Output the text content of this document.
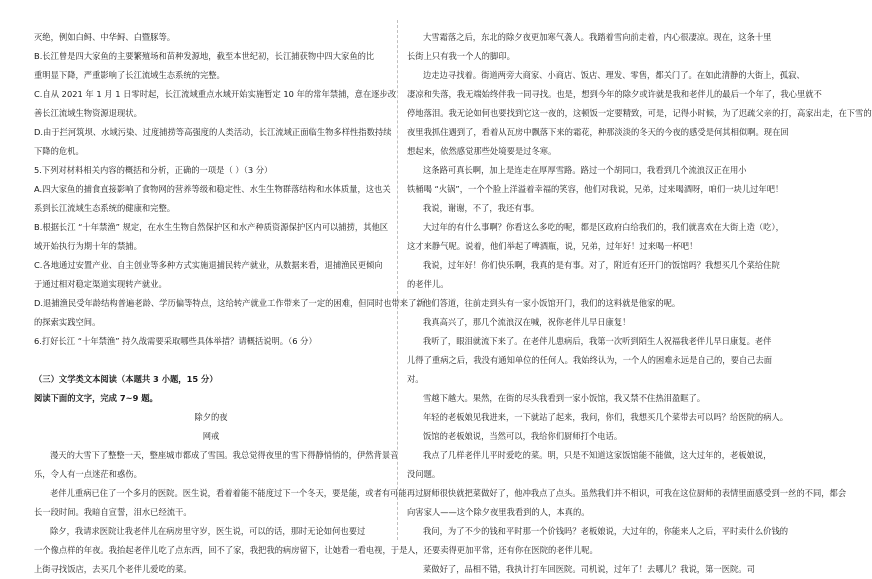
灭绝，例如白鲟、中华鲟、白暨豚等。
B.长江曾是四大家鱼的主要繁殖场和苗种发源地，截至本世纪初，长江捕获物中四大家鱼的比
重明显下降，严重影响了长江流域生态系统的完整。
C.自从 2021 年 1 月 1 日零时起，长江流域重点水域开始实施暂定 10 年的常年禁捕，意在逐步改
善长江流域生物资源退现状。
D.由于拦河筑坝、水域污染、过度捕捞等高强度的人类活动，长江流域正面临生物多样性指数持续
下降的危机。
5.下列对材料相关内容的概括和分析，正确的一项是（ ）（3 分）
A.四大家鱼的捕食直接影响了食物网的营养等级和稳定性、水生生物群落结构和水体质量，这也关
系到长江流域生态系统的健康和完整。
B.根据长江 “十年禁渔” 规定，在水生生物自然保护区和水产种质资源保护区内可以捕捞，其他区
域开始执行为期十年的禁捕。
C.各地通过安置产业、自主创业等多种方式实施退捕民转产就业，从数据来看，退捕渔民更倾向
于通过相对稳定渠道实现转产就业。
D.退捕渔民受年龄结构普遍老龄、学历偏等特点，这给转产就业工作带来了一定的困难，但同时也带来了新
的探索实践空间。
6.打好长江 “十年禁渔” 持久战需要采取哪些具体举措？请概括说明。（6 分）
（三）文学类文本阅读（本题共 3 小题，15 分）
阅读下面的文字，完成 7~9 题。
除夕的夜
网戒
漫天的大雪下了整整一天，整座城市都成了雪国。我总觉得夜里的雪下得静悄悄的，伊然背景音
乐，令人有一点迷茫和惑伤。
老伴儿重病已住了一个多月的医院。医生说，看着着能不能度过下一个冬天，要是能，或者有可能再过
长一段时间。我暗自宣誓，泪水已经流干。
除夕，我请求医院让我老伴儿在病房里守岁，医生说，可以的话，那时无论如何也要过
一个像点样的年夜。我抬起老伴儿吃了点东西，回不了家，我把我的病房留下，让她看一看电视，于是
上街寻找饭店，去买几个老伴儿爱吃的菜。
大雪霜落之后，东北的除夕夜更加寒气袭人。我踏着雪向前走着，内心很凄凉。现在，这条十里
长街上只有我一个人的脚印。
边走边寻找着。街道两旁大商家、小商店、饭店、理发、零售，都关门了。在如此清静的大街上，孤寂、
凄凉和失落，我无端始终伴我一同寻找。也是，想到今年的除夕或许就是我和老伴儿的最后一个年了，我心里就不
停地落泪。我无论如何也要找到它这一夜的，这顿饭一定要精致，可是，记得小时候，为了迟疏父亲的打，高家出走，在下雪的
夜里我抓住遇到了，看着从瓦房中飘落下来的霜花，种那淡淡的冬天的今夜的感受是何其相似啊。现在回
想起来，依然感觉那些处境要是过冬寒。
这条路可真长啊，加上是连走在厚厚雪路。路过一个胡同口，我看到几个流浪汉正在用小
铁桶喝 “火锅”，一个个脸上洋溢着幸福的笑容，他们对我说，兄弟，过来喝酒呀，咱们一块儿过年吧！
我说，谢谢，不了，我还有事。
大过年的有什么事啊？你看这么多吃的呢，都是区政府白给我们的，我们就喜欢在大街上造（吃），
这才来静气呢。说着，他们举起了啤酒瓶，说，兄弟，过年好！过来喝一杯吧！
我说，过年好！你们快乐啊，我真的是有事。对了，附近有还开门的饭馆吗？我想买几个菜给住院
的老伴儿。
他们答道，往前走到头有一家小饭馆开门，我们的这料就是他家的呢。
我真高兴了，那几个流浪汉在喊，祝你老伴儿早日康复！
我听了，眼泪就流下来了。在老伴儿患病后，我第一次听到陌生人祝福我老伴儿早日康复。老伴
儿得了重病之后，我没有通知单位的任何人。我始终认为，一个人的困难永远是自己的，要自己去面
对。
雪越下越大。果然，在街的尽头我看到一家小饭馆，我又禁不住热泪盈眶了。
年轻的老板娘见我进来，一下就站了起来，我问，你们，我想买几个菜带去可以吗？给医院的病人。
饭馆的老板娘说，当然可以，我给你们厨师打个电话。
我点了几样老伴儿平时爱吃的菜。明，只是不知道这家饭馆能不能做，这大过年的，老板娘说，
没问题。
厨师很快就把菜做好了，他冲我点了点头。虽然我们并不相识，可我在这位厨师的表情里面感受到一丝的不同，都会
向害家人——这个除夕夜里我看到的人，本真的。
我问，为了不少的钱和平时那一个价钱吗？老板娘说，大过年的，你能来人之后，平时卖什么价钱的
人，还要卖得更加平常，还有你在医院的老伴儿呢。
菜做好了，品相不错，我执计打车回医院。司机说，过年了！去哪儿？我说，第一医院。司
